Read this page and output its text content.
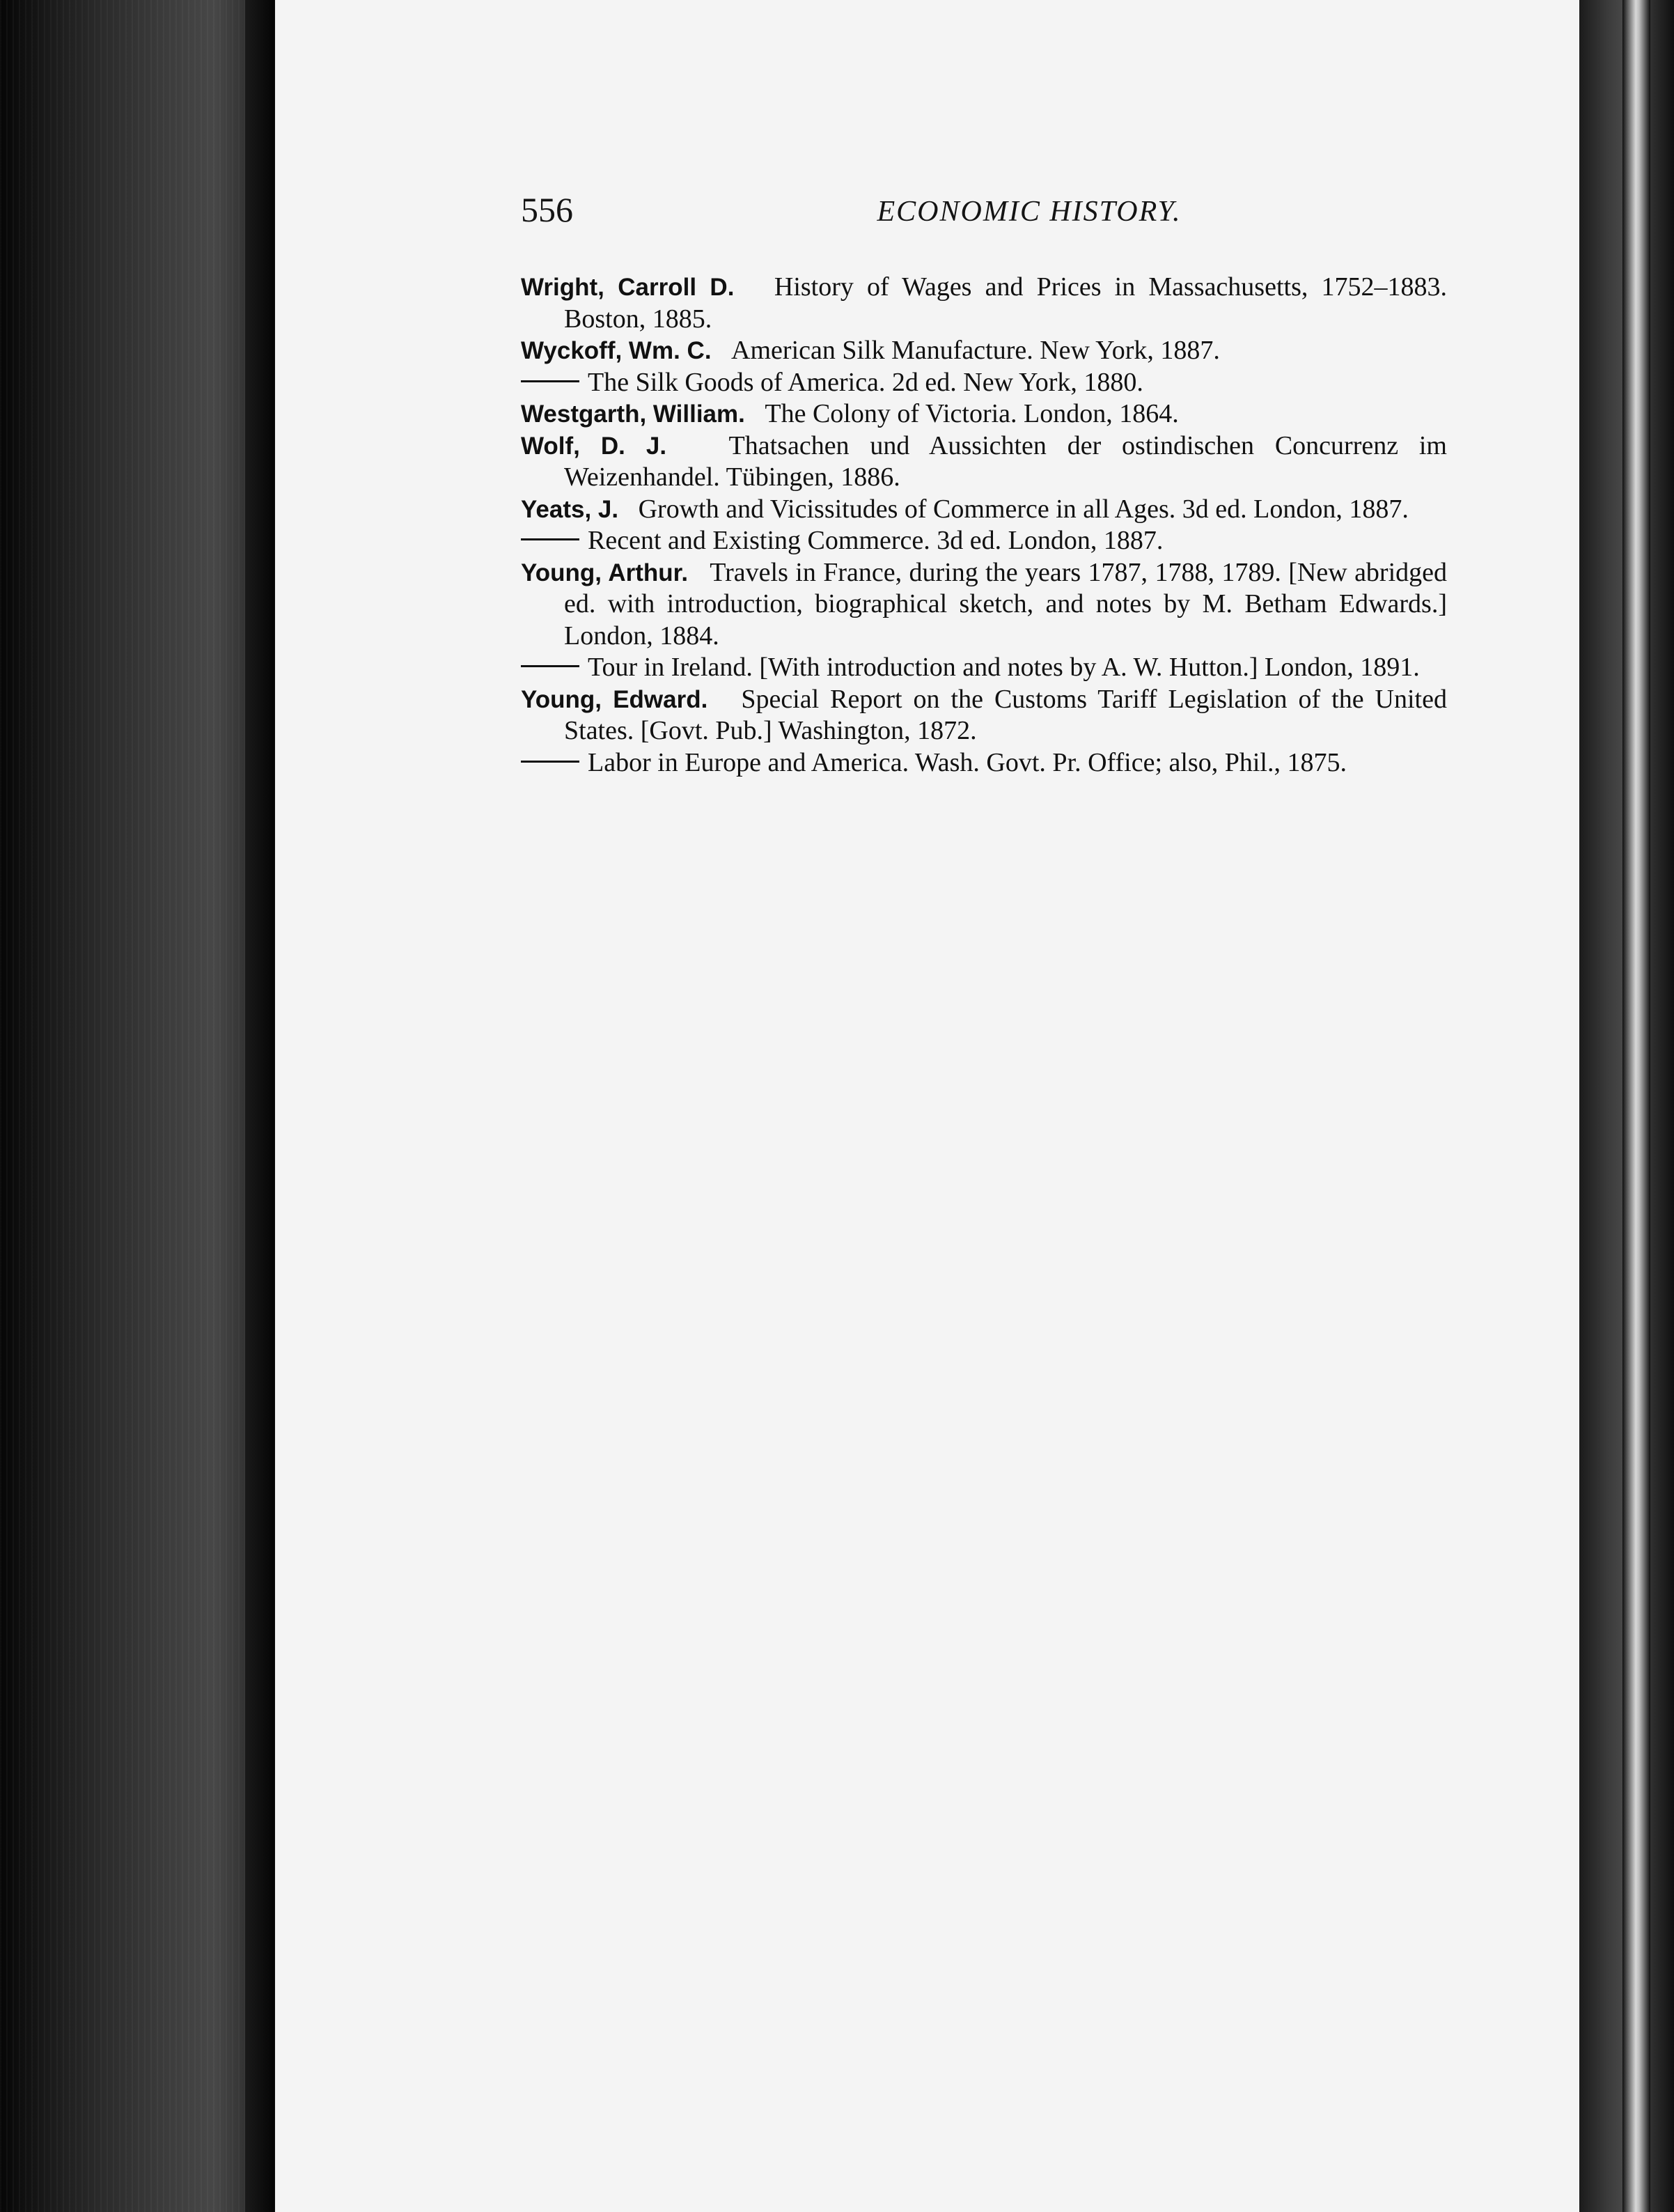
556	ECONOMIC HISTORY.

Wright, Carroll D. History of Wages and Prices in Massachusetts, 1752–1883. Boston, 1885.

Wyckoff, Wm. C. American Silk Manufacture. New York, 1887.

The Silk Goods of America. 2d ed. New York, 1880.

Westgarth, William. The Colony of Victoria. London, 1864.

Wolf, D. J. Thatsachen und Aussichten der ostindischen Concurrenz im Weizenhandel. Tübingen, 1886.

Yeats, J. Growth and Vicissitudes of Commerce in all Ages. 3d ed. London, 1887.

Recent and Existing Commerce. 3d ed. London, 1887.

Young, Arthur. Travels in France, during the years 1787, 1788, 1789. [New abridged ed. with introduction, biographical sketch, and notes by M. Betham Edwards.] London, 1884.

Tour in Ireland. [With introduction and notes by A. W. Hutton.] London, 1891.

Young, Edward. Special Report on the Customs Tariff Legislation of the United States. [Govt. Pub.] Washington, 1872.

Labor in Europe and America. Wash. Govt. Pr. Office; also, Phil., 1875.
